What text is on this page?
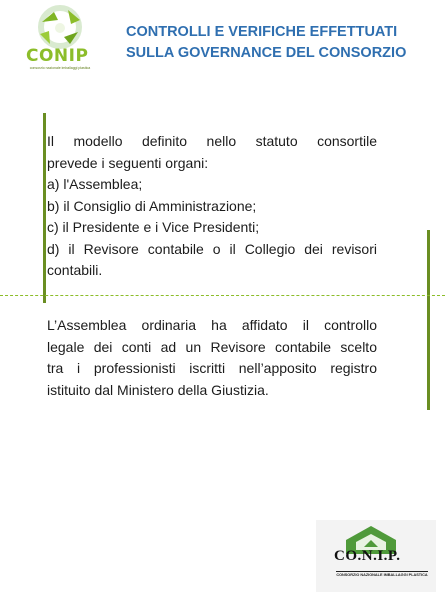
CONIP
consorzio nazionale imballaggi plastica
CONTROLLI E VERIFICHE EFFETTUATI
SULLA GOVERNANCE DEL CONSORZIO
Il modello definito nello statuto consortile
prevede i seguenti organi:
a) l'Assemblea;
b) il Consiglio di Amministrazione;
c) il Presidente e i Vice Presidenti;
d) il Revisore contabile o il Collegio dei revisori
contabili.
L’Assemblea ordinaria ha affidato il controllo
legale dei conti ad un Revisore contabile scelto
tra i professionisti iscritti nell’apposito registro
istituito dal Ministero della Giustizia.
CO.N.I.P.
CONSORZIO NAZIONALE IMBALLAGGI PLASTICA
